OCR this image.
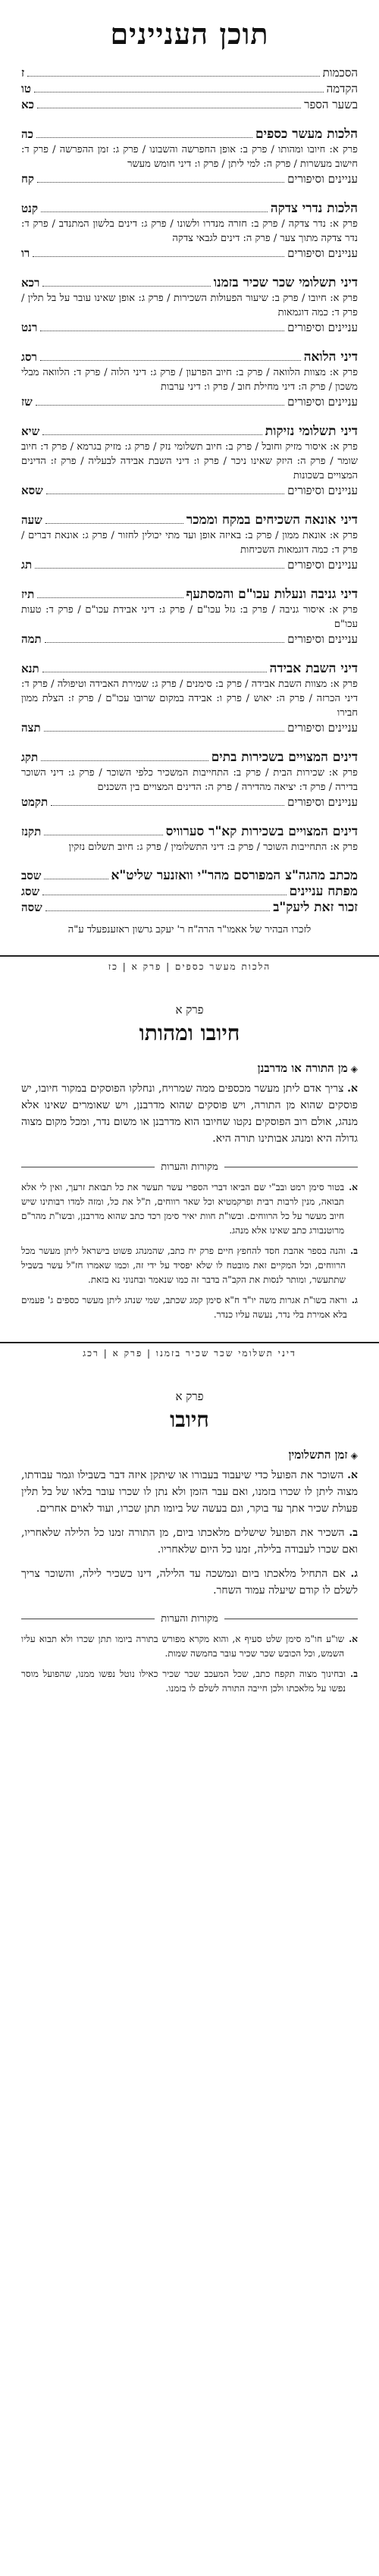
תוכן העניינים
הסכמות
ז
הקדמה
טו
בשער הספר
כא
הלכות מעשר כספים
כה
פרק א: חיובו ומהותו / פרק ב: אופן החפרשה והשבונו / פרק ג: זמן ההפרשה / פרק ד: חישוב מעשרות / פרק ה: למי ליתן / פרק ו: דיני חומש מעשר
עניינים וסיפורים
קח
הלכות נדרי צדקה
קנט
פרק א: נדר צדקה / פרק ב: חזרה מנדרו ולשונו / פרק ג: דינים בלשון המתנדב / פרק ד: נדר צדקה מתוך צער / פרק ה: דינים לגבאי צדקה
עניינים וסיפורים
רו
דיני תשלומי שכר שכיר בזמנו
רכא
פרק א: חיובו / פרק ב: שיעור הפעולות השכירות / פרק ג: אופן שאינו עובר על בל תלין / פרק ד: כמה דוגמאות
עניינים וסיפורים
רנט
דיני הלואה
רסג
פרק א: מצוות הלוואה / פרק ב: חיוב הפרעון / פרק ג: דיני הלוה / פרק ד: הלוואה מבלי משכון / פרק ה: דיני מחילת חוב / פרק ו: דיני ערבות
עניינים וסיפורים
שז
דיני תשלומי נזיקות
שיא
פרק א: איסור מזיק וחובל / פרק ב: חיוב תשלומי נזק / פרק ג: מזיק בגרמא / פרק ד: חיוב שומר / פרק ה: היזק שאינו ניכר / פרק ו: דיני השבת אבידה לבעליה / פרק ז: הדינים המצויים בשכונות
עניינים וסיפורים
שסא
דיני אונאה השכיחים במקח וממכר
שעה
פרק א: אונאת ממון / פרק ב: באיזה אופן ועד מתי יכולין לחזור / פרק ג: אונאת דברים / פרק ד: כמה דוגמאות השכיחות
עניינים וסיפורים
תג
דיני גניבה ונעלות עכו"ם והמסתעף
תיז
פרק א: איסור גניבה / פרק ב: גזל עכו"ם / פרק ג: דיני אבידת עכו"ם / פרק ד: טעות עכו"ם
עניינים וסיפורים
תמה
דיני השבת אבידה
תנא
פרק א: מצוות השבת אבידה / פרק ב: סימנים / פרק ג: שמירת האבידה וטיפולה / פרק ד: דיני הכרזה / פרק ה: יאוש / פרק ו: אבידה במקום שרובו עכו"ם / פרק ז: הצלת ממון חבירו
עניינים וסיפורים
תצה
דינים המצויים בשכירות בתים
תקג
פרק א: שכירות הבית / פרק ב: התחייבות המשכיר כלפי השוכר / פרק ג: דיני השוכר בדירה / פרק ד: יציאה מהדירה / פרק ה: הדינים המצויים בין השכנים
עניינים וסיפורים
תקמט
דינים המצויים בשכירות קא"ר סערוויס
תקנז
פרק א: התחייבות השוכר / פרק ב: דיני התשלומין / פרק ג: חיוב תשלום נזקין
מכתב מהגה"צ המפורסם מהר"י וואזנער שליט"א
שסב
מפתח עניינים
שסג
זכור זאת ליעק"ב
שסה
לזכרו הבהיר של אאמו"ר הרה"ח ר' יעקב גרשון ראזענפעלד ע"ה
הלכות מעשר כספים | פרק א | כז
פרק א
חיובו ומהותו
◈ מן התורה או מדרבנן
א. צריך אדם ליתן מעשר מכספים ממה שמרויח, ונחלקו הפוסקים במקור חיובו, יש פוסקים שהוא מן התורה, ויש פוסקים שהוא מדרבנן, ויש שאומרים שאינו אלא מנהג, אולם רוב הפוסקים נקטו שחיובו הוא מדרבנן או משום נדר, ומכל מקום מצוה גדולה היא ומנהג אבותינו תורה היא.
מקורות והערות
א.
בטור סימן רמט ובב"י שם הביאו דברי הספרי עשר תעשר את כל תבואת זרעך, ואין לי אלא תבואה, מנין לרבות רבית ופרקמטיא וכל שאר רווחים, ת"ל את כל, ומזה למדו רבותינו שיש חיוב מעשר על כל הרווחים. ובשו"ת חוות יאיר סימן רכד כתב שהוא מדרבנן, ובשו"ת מהר"ם מרוטנבורג כתב שאינו אלא מנהג.
ב.
והנה בספר אהבת חסד להחפץ חיים פרק יח כתב, שהמנהג פשוט בישראל ליתן מעשר מכל הרווחים, וכל המקיים זאת מובטח לו שלא יפסיד על ידי זה, וכמו שאמרו חז"ל עשר בשביל שתתעשר, ומותר לנסות את הקב"ה בדבר זה כמו שנאמר ובחנוני נא בזאת.
ג.
וראה בשו"ת אגרות משה יו"ד ח"א סימן קמג שכתב, שמי שנהג ליתן מעשר כספים ג' פעמים בלא אמירת בלי נדר, נעשה עליו כנדר.
דיני תשלומי שכר שכיר בזמנו | פרק א | רכג
פרק א
חיובו
◈ זמן התשלומין
א. השוכר את הפועל כדי שיעבוד בעבורו או שיתקן איזה דבר בשבילו וגמר עבודתו, מצוה ליתן לו שכרו בזמנו, ואם עבר הזמן ולא נתן לו שכרו עובר בלאו של בל תלין פעולת שכיר אתך עד בוקר, וגם בעשה של ביומו תתן שכרו, ועוד לאוים אחרים.
ב. השכיר את הפועל שישלים מלאכתו ביום, מן התורה זמנו כל הלילה שלאחריו, ואם שכרו לעבודה בלילה, זמנו כל היום שלאחריו.
ג. אם התחיל מלאכתו ביום ונמשכה עד הלילה, דינו כשכיר לילה, והשוכר צריך לשלם לו קודם שיעלה עמוד השחר.
מקורות והערות
א.
שו"ע חו"מ סימן שלט סעיף א, והוא מקרא מפורש בתורה ביומו תתן שכרו ולא תבוא עליו השמש, וכל הכובש שכר שכיר עובר בחמשה שמות.
ב.
ובחינוך מצוה תקפח כתב, שכל המעכב שכר שכיר כאילו נוטל נפשו ממנו, שהפועל מוסר נפשו על מלאכתו ולכן חייבה התורה לשלם לו בזמנו.
